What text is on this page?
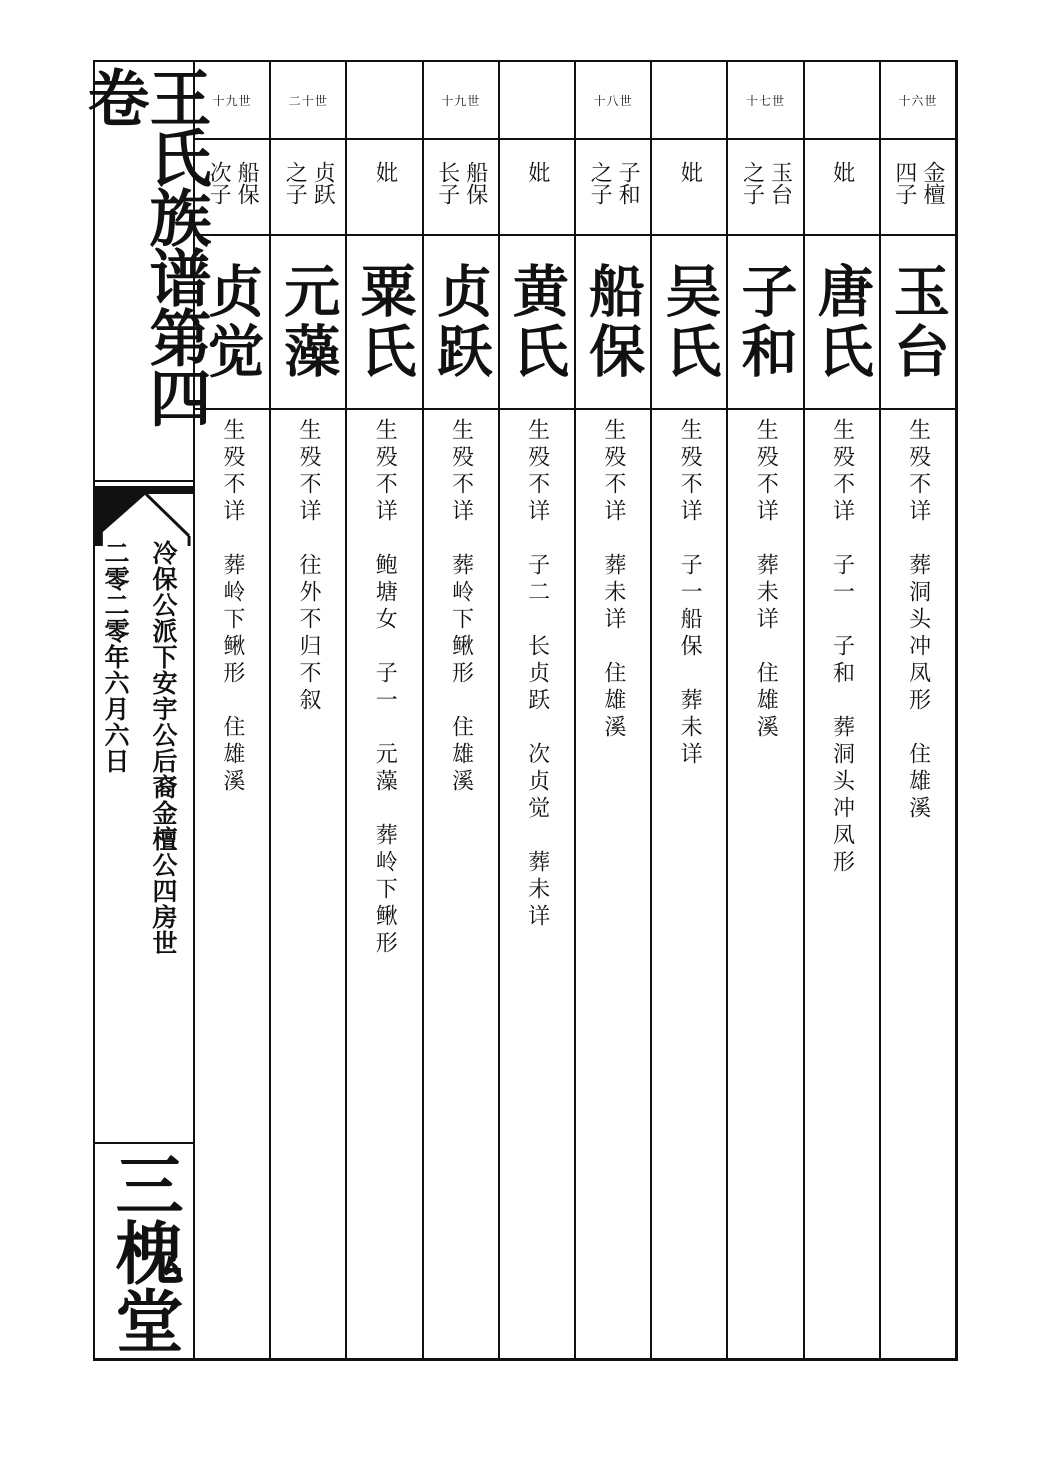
王氏族谱第四卷
冷保公派下安宇公后裔金檀公四房世
二零二零年六月六日
三槐堂
十九世
船保次子
贞觉
生殁不详　葬岭下鳅形　住雄溪
二十世
贞跃之子
元藻
生殁不详　往外不归不叙
妣
粟氏
生殁不详　鲍塘女　子一　元藻　葬岭下鳅形
十九世
船保长子
贞跃
生殁不详　葬岭下鳅形　住雄溪
妣
黄氏
生殁不详　子二　长贞跃　次贞觉　葬未详
十八世
子和之子
船保
生殁不详　葬未详　住雄溪
妣
吴氏
生殁不详　子一船保　葬未详
十七世
玉台之子
子和
生殁不详　葬未详　住雄溪
妣
唐氏
生殁不详　子一　子和　葬洞头冲凤形
十六世
金檀四子
玉台
生殁不详　葬洞头冲凤形　住雄溪
